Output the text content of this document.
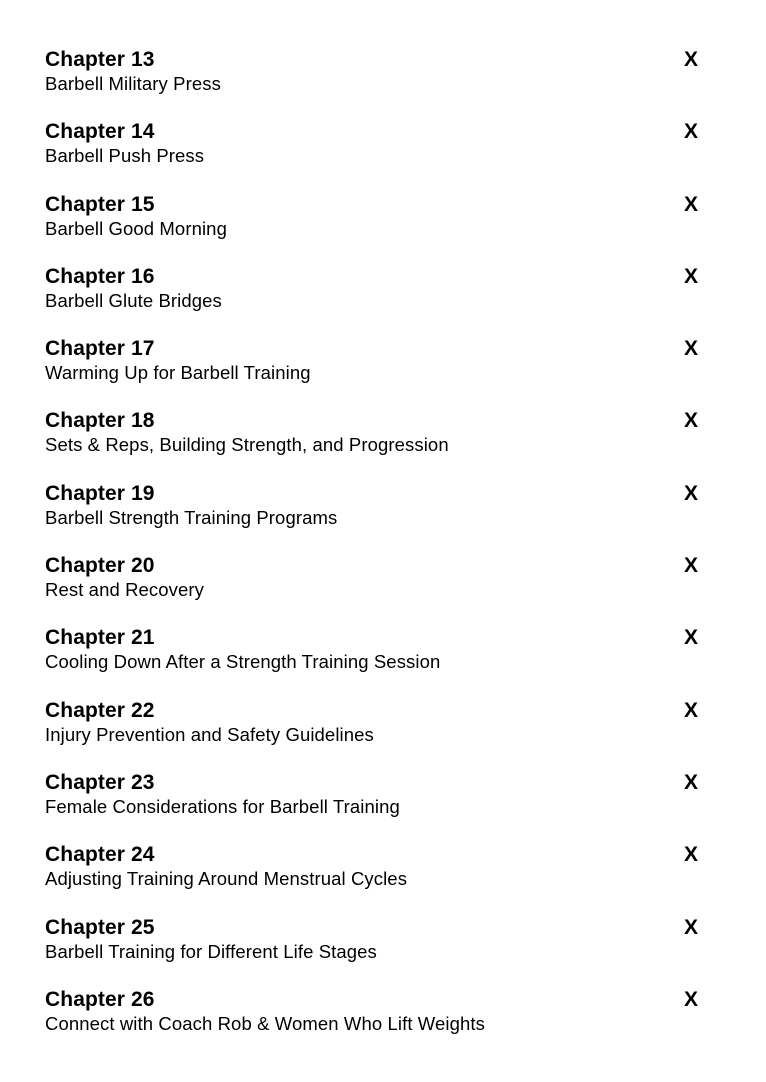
Chapter 13
Barbell Military Press
X
Chapter 14
Barbell Push Press
X
Chapter 15
Barbell Good Morning
X
Chapter 16
Barbell Glute Bridges
X
Chapter 17
Warming Up for Barbell Training
X
Chapter 18
Sets & Reps, Building Strength, and Progression
X
Chapter 19
Barbell Strength Training Programs
X
Chapter 20
Rest and Recovery
X
Chapter 21
Cooling Down After a Strength Training Session
X
Chapter 22
Injury Prevention and Safety Guidelines
X
Chapter 23
Female Considerations for Barbell Training
X
Chapter 24
Adjusting Training Around Menstrual Cycles
X
Chapter 25
Barbell Training for Different Life Stages
X
Chapter 26
Connect with Coach Rob & Women Who Lift Weights
X
